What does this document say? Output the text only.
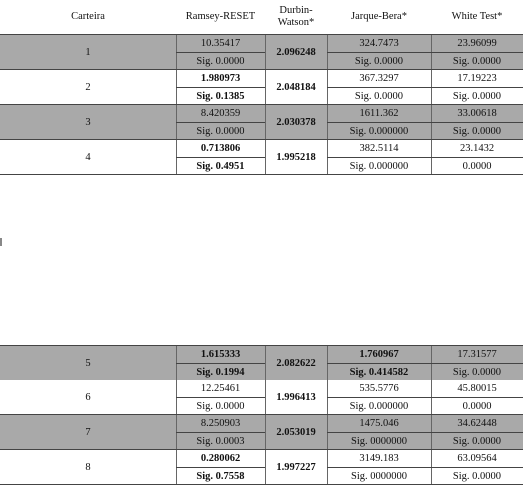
Carteira	Ramsey-RESET
Durbin-
Watson*
Jarque-Bera*	White Test*
1
10.35417
Sig. 0.0000
2.096248
324.7473
Sig. 0.0000
23.96099
Sig. 0.0000
2
1.980973
Sig. 0.1385
2.048184
367.3297
Sig. 0.0000
17.19223
Sig. 0.0000
3
8.420359
Sig. 0.0000
2.030378
1611.362
Sig. 0.000000
33.00618
Sig. 0.0000
4
0.713806
Sig. 0.4951
1.995218
382.5114
Sig. 0.000000
23.1432
0.0000
5
1.615333
Sig. 0.1994
2.082622
1.760967
Sig. 0.414582
17.31577
Sig. 0.0000
6
12.25461
Sig. 0.0000
1.996413
535.5776
Sig. 0.000000
45.80015
0.0000
7
8.250903
Sig. 0.0003
2.053019
1475.046
Sig. 0000000
34.62448
Sig. 0.0000
8
0.280062
Sig. 0.7558
1.997227
3149.183
Sig. 0000000
63.09564
Sig. 0.0000
